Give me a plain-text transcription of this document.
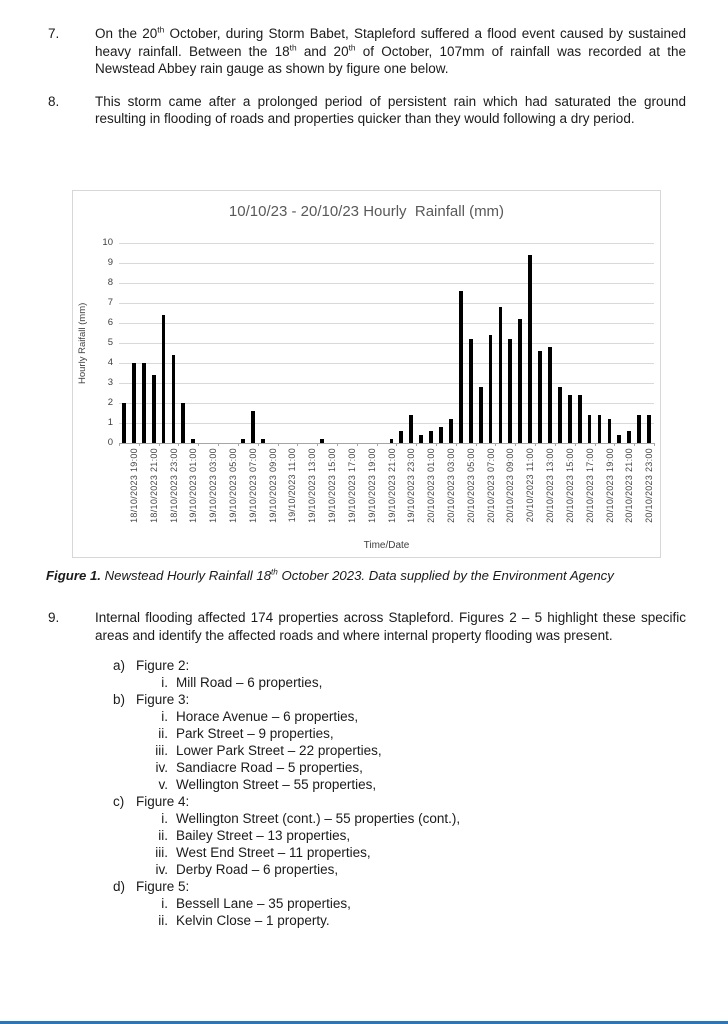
7.	On the 20th October, during Storm Babet, Stapleford suffered a flood event caused by sustained heavy rainfall. Between the 18th and 20th of October, 107mm of rainfall was recorded at the Newstead Abbey rain gauge as shown by figure one below.
8.	This storm came after a prolonged period of persistent rain which had saturated the ground resulting in flooding of roads and properties quicker than they would following a dry period.
10/10/23 - 20/10/23 Hourly  Rainfall (mm)
Hourly Raifall (mm)
Time/Date
0
1
2
3
4
5
6
7
8
9
10
18/10/2023 19:00 18/10/2023 21:00 18/10/2023 23:00 19/10/2023 01:00 19/10/2023 03:00 19/10/2023 05:00 19/10/2023 07:00 19/10/2023 09:00 19/10/2023 11:00 19/10/2023 13:00 19/10/2023 15:00 19/10/2023 17:00 19/10/2023 19:00 19/10/2023 21:00 19/10/2023 23:00 20/10/2023 01:00 20/10/2023 03:00 20/10/2023 05:00 20/10/2023 07:00 20/10/2023 09:00 20/10/2023 11:00 20/10/2023 13:00 20/10/2023 15:00 20/10/2023 17:00 20/10/2023 19:00 20/10/2023 21:00 20/10/2023 23:00
Figure 1. Newstead Hourly Rainfall 18th October 2023. Data supplied by the Environment Agency
9.	Internal flooding affected 174 properties across Stapleford. Figures 2 – 5 highlight these specific areas and identify the affected roads and where internal property flooding was present.
a) Figure 2:
i. Mill Road – 6 properties,
b) Figure 3:
i. Horace Avenue – 6 properties,
ii. Park Street – 9 properties,
iii. Lower Park Street – 22 properties,
iv. Sandiacre Road – 5 properties,
v. Wellington Street – 55 properties,
c) Figure 4:
i. Wellington Street (cont.) – 55 properties (cont.),
ii. Bailey Street – 13 properties,
iii. West End Street – 11 properties,
iv. Derby Road – 6 properties,
d) Figure 5:
i. Bessell Lane – 35 properties,
ii. Kelvin Close – 1 property.
